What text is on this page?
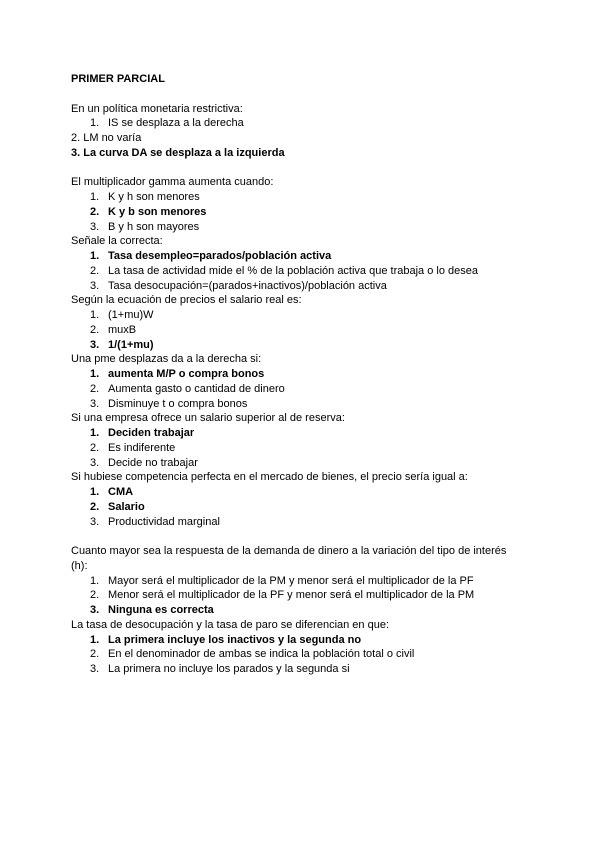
PRIMER PARCIAL
En un política monetaria restrictiva:
1. IS se desplaza a la derecha
2. LM no varía
3. La curva DA se desplaza a la izquierda
El multiplicador gamma aumenta cuando:
1. K y h son menores
2. K y b son menores
3. B y h son mayores
Señale la correcta:
1. Tasa desempleo=parados/población activa
2. La tasa de actividad mide el % de la población activa que trabaja o lo desea
3. Tasa desocupación=(parados+inactivos)/población activa
Según la ecuación de precios el salario real es:
1. (1+mu)W
2. muxB
3. 1/(1+mu)
Una pme desplazas da a la derecha si:
1. aumenta M/P o compra bonos
2. Aumenta gasto o cantidad de dinero
3. Disminuye t o compra bonos
Si una empresa ofrece un salario superior al de reserva:
1. Deciden trabajar
2. Es indiferente
3. Decide no trabajar
Si hubiese competencia perfecta en el mercado de bienes, el precio sería igual a:
1. CMA
2. Salario
3. Productividad marginal
Cuanto mayor sea la respuesta de la demanda de dinero a la variación del tipo de interés
(h):
1. Mayor será el multiplicador de la PM y menor será el multiplicador de la PF
2. Menor será el multiplicador de la PF y menor será el multiplicador de la PM
3. Ninguna es correcta
La tasa de desocupación y la tasa de paro se diferencian en que:
1. La primera incluye los inactivos y la segunda no
2. En el denominador de ambas se indica la población total o civil
3. La primera no incluye los parados y la segunda si
